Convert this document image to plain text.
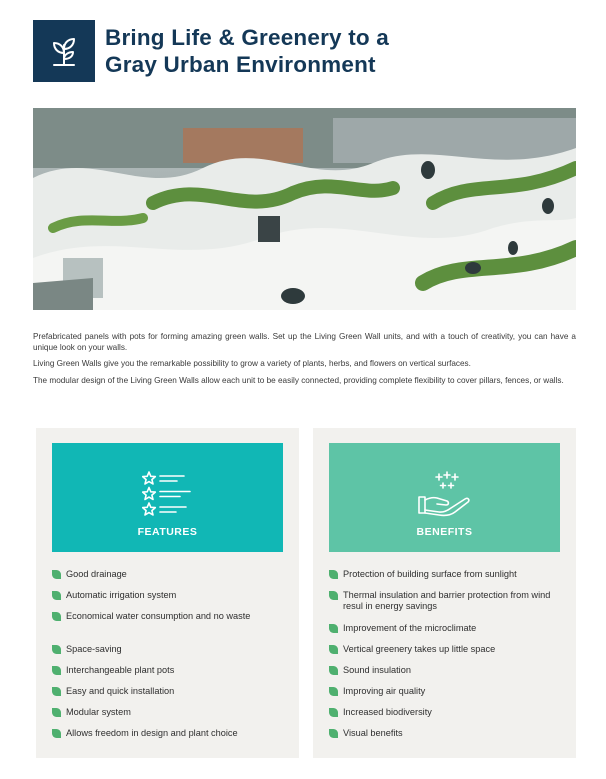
Bring Life & Greenery to a
Gray Urban Environment

Prefabricated panels with pots for forming amazing green walls. Set up the Living Green Wall units, and with a touch of creativity, you can have a unique look on your walls.

Living Green Walls give you the remarkable possibility to grow a variety of plants, herbs, and flowers on vertical surfaces.

The modular design of the Living Green Walls allow each unit to be easily connected, providing complete flexibility to cover pillars, fences, or walls.

FEATURES
Good drainage
Automatic irrigation system
Economical water consumption and no waste
Space-saving
Interchangeable plant pots
Easy and quick installation
Modular system
Allows freedom in design and plant choice
BENEFITS
Protection of building surface from sunlight
Thermal insulation and barrier protection from wind resul in energy savings
Improvement of the microclimate
Vertical greenery takes up little space
Sound insulation
Improving air quality
Increased biodiversity
Visual benefits
